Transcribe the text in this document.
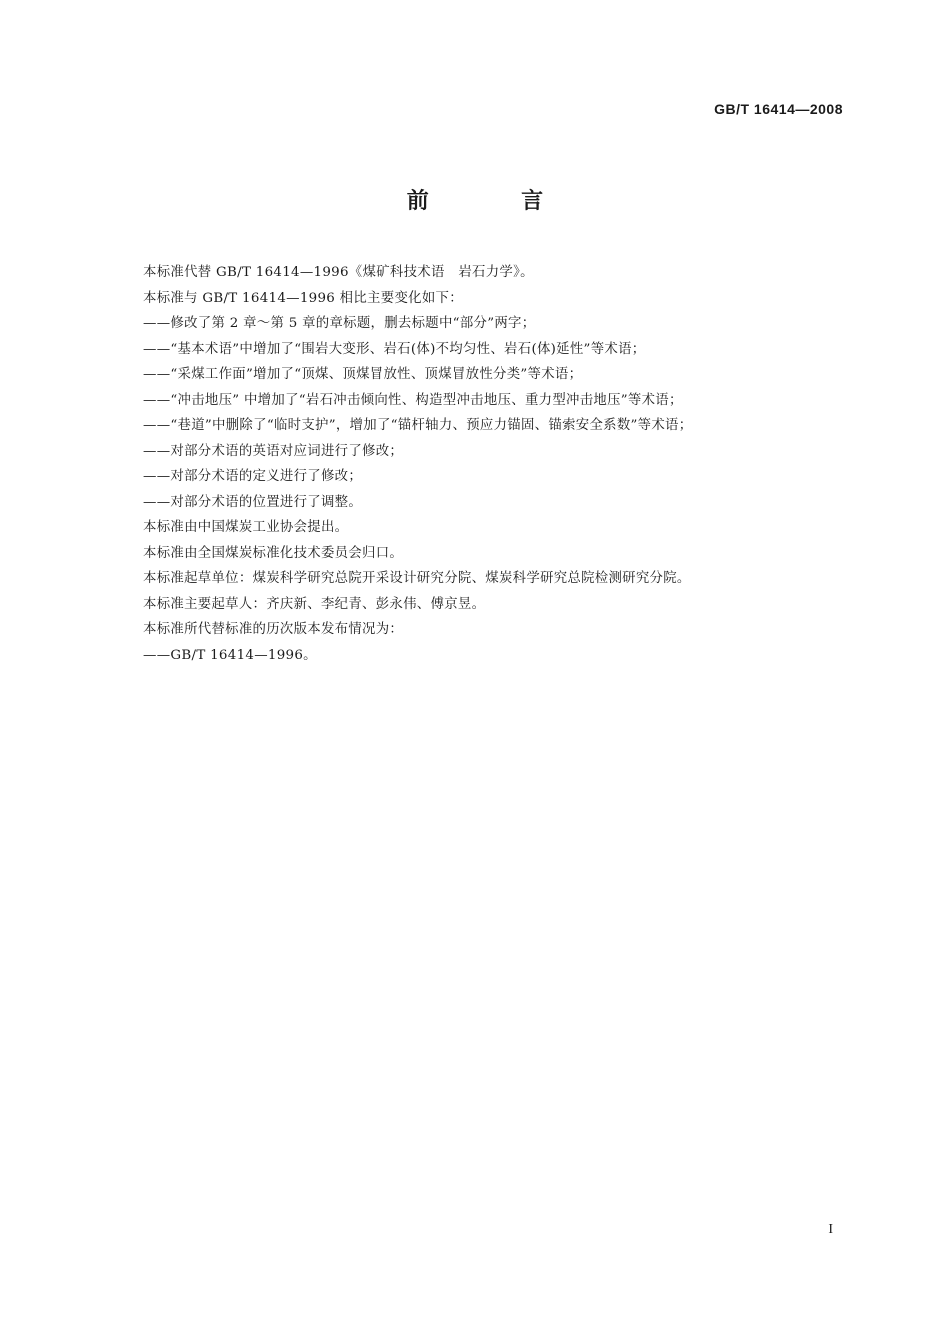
GB/T 16414—2008
前　言
本标准代替 GB/T 16414—1996《煤矿科技术语　岩石力学》。
本标准与 GB/T 16414—1996 相比主要变化如下：
——修改了第 2 章～第 5 章的章标题，删去标题中“部分”两字；
——“基本术语”中增加了“围岩大变形、岩石(体)不均匀性、岩石(体)延性”等术语；
——“采煤工作面”增加了“顶煤、顶煤冒放性、顶煤冒放性分类”等术语；
——“冲击地压” 中增加了“岩石冲击倾向性、构造型冲击地压、重力型冲击地压”等术语；
——“巷道”中删除了“临时支护”，增加了“锚杆轴力、预应力锚固、锚索安全系数”等术语；
——对部分术语的英语对应词进行了修改；
——对部分术语的定义进行了修改；
——对部分术语的位置进行了调整。
本标准由中国煤炭工业协会提出。
本标准由全国煤炭标准化技术委员会归口。
本标准起草单位：煤炭科学研究总院开采设计研究分院、煤炭科学研究总院检测研究分院。
本标准主要起草人：齐庆新、李纪青、彭永伟、傅京昱。
本标准所代替标准的历次版本发布情况为：
——GB/T 16414—1996。
I
